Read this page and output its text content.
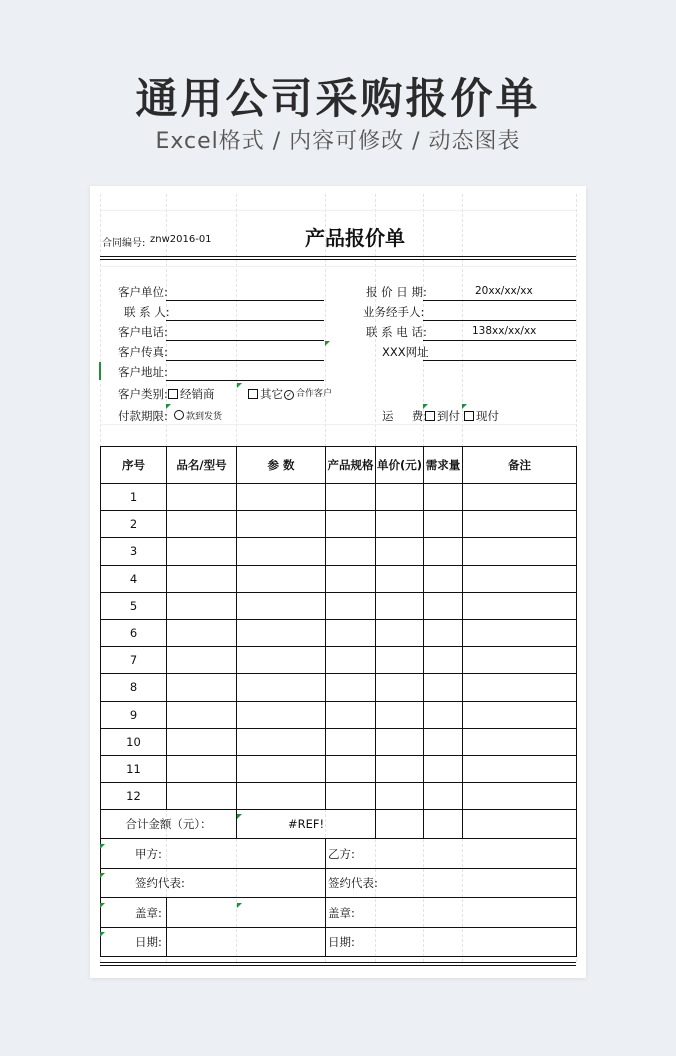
通用公司采购报价单
Excel格式 / 内容可修改 / 动态图表
合同编号: znw2016-01	产品报价单
客户单位:
联 系 人:
客户电话:
客户传真:
客户地址:
报 价 日 期:	20xx/xx/xx
业务经手人:
联 系 电 话:	138xx/xx/xx
XXX网址
客户类别:	经销商	其它 ✓ 合作客户
付款期限:	款到发货	运     费: 到付	现付
序号	品名/型号	参 数	产品规格	单价(元)	需求量	备注
1						
2						
3						
4						
5						
6						
7						
8						
9						
10						
11						
12						
合计金额（元）：		#REF!				
甲方:			乙方:			
签约代表:			签约代表:			
盖章:			盖章:			
日期:			日期:			
